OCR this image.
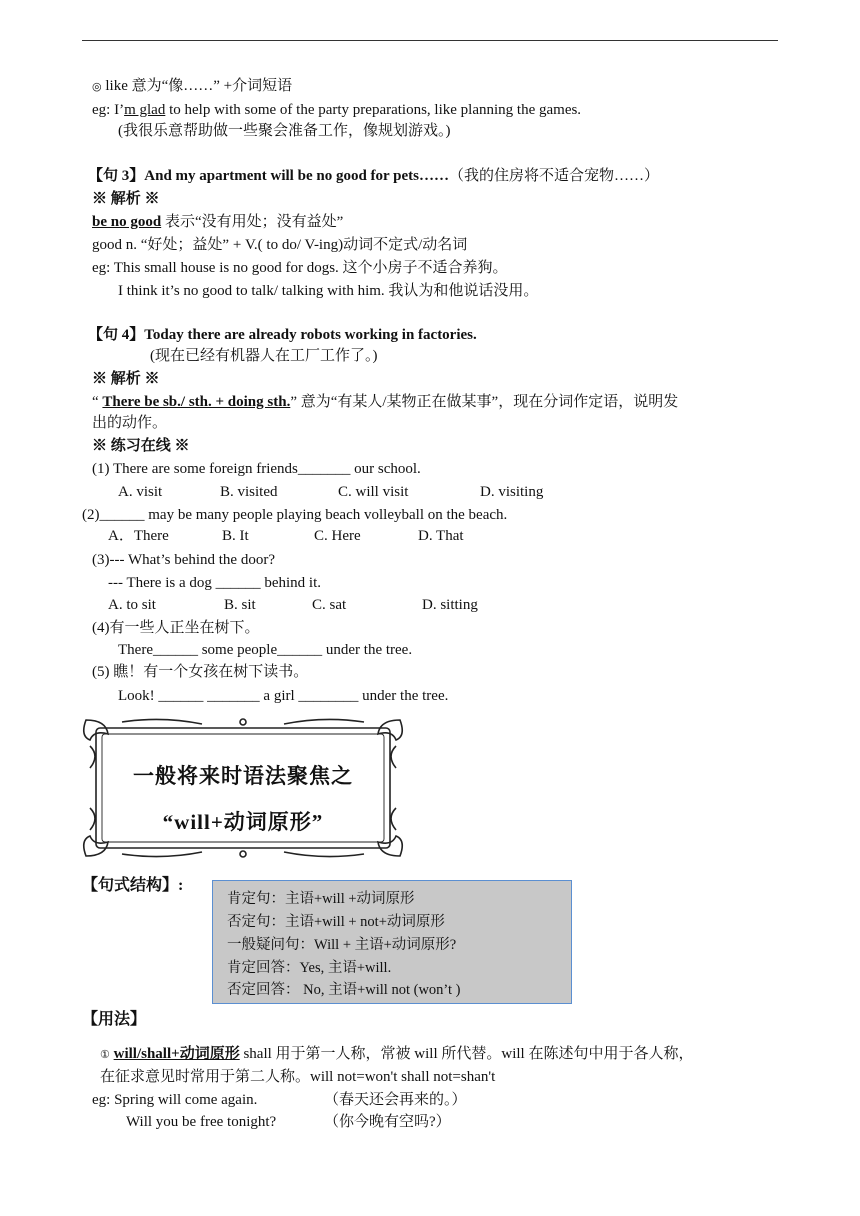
◎ like 意为“像……” +介词短语
eg: I’m glad to help with some of the party preparations, like planning the games.
(我很乐意帮助做一些聚会准备工作，像规划游戏。)
【句 3】And my apartment will be no good for pets……（我的住房将不适合宠物……）
※ 解析 ※
be no good 表示“没有用处；没有益处”
good n. “好处；益处” + V.( to do/ V-ing)动词不定式/动名词
eg: This small house is no good for dogs. 这个小房子不适合养狗。
I think it’s no good to talk/ talking with him. 我认为和他说话没用。
【句 4】Today there are already robots working in factories.
(现在已经有机器人在工厂工作了。)
※ 解析 ※
“ There be sb./ sth. + doing sth.” 意为“有某人/某物正在做某事”，现在分词作定语，说明发
出的动作。
※ 练习在线 ※
(1) There are some foreign friends_______ our school.
A. visit	B. visited	C. will visit	D. visiting
(2)______ may be many people playing beach volleyball on the beach.
A．There	B. It	C. Here	D. That
(3)--- What’s behind the door?
--- There is a dog ______ behind it.
A. to sit	B. sit	C. sat	D. sitting
(4)有一些人正坐在树下。
There______ some people______ under the tree.
(5) 瞧！有一个女孩在树下读书。
Look! ______ _______ a girl ________ under the tree.
一般将来时语法聚焦之
“will+动词原形”
【句式结构】:
肯定句：主语+will +动词原形
否定句：主语+will + not+动词原形
一般疑问句：Will + 主语+动词原形?
肯定回答：Yes, 主语+will.
否定回答： No, 主语+will not (won’t )
【用法】
① will/shall+动词原形 shall 用于第一人称，常被 will 所代替。will 在陈述句中用于各人称，
在征求意见时常用于第二人称。will not=won't shall not=shan't
eg: Spring will come again.	（春天还会再来的。）
Will you be free tonight?	（你今晚有空吗?）
